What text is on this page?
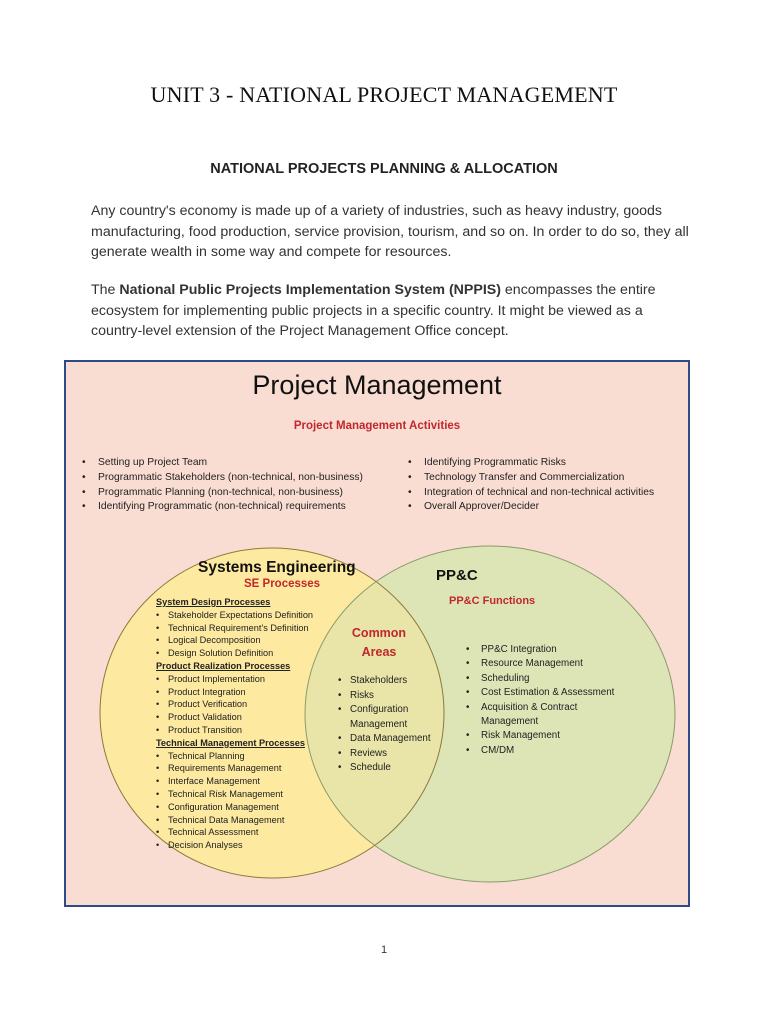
UNIT 3 - NATIONAL PROJECT MANAGEMENT
NATIONAL PROJECTS PLANNING & ALLOCATION

Any country's economy is made up of a variety of industries, such as heavy industry, goods manufacturing, food production, service provision, tourism, and so on. In order to do so, they all generate wealth in some way and compete for resources.

The National Public Projects Implementation System (NPPIS) encompasses the entire ecosystem for implementing public projects in a specific country. It might be viewed as a country-level extension of the Project Management Office concept.

Project Management
Project Management Activities
• Setting up Project Team
• Programmatic Stakeholders (non-technical, non-business)
• Programmatic Planning (non-technical, non-business)
• Identifying Programmatic (non-technical) requirements
• Identifying Programmatic Risks
• Technology Transfer and Commercialization
• Integration of technical and non-technical activities
• Overall Approver/Decider
Systems Engineering
SE Processes
System Design Processes
• Stakeholder Expectations Definition
• Technical Requirement's Definition
• Logical Decomposition
• Design Solution Definition
Product Realization Processes
• Product Implementation
• Product Integration
• Product Verification
• Product Validation
• Product Transition
Technical Management Processes
• Technical Planning
• Requirements Management
• Interface Management
• Technical Risk Management
• Configuration Management
• Technical Data Management
• Technical Assessment
• Decision Analyses
Common
Areas
• Stakeholders
• Risks
• Configuration
Management
• Data Management
• Reviews
• Schedule
PP&C
PP&C Functions
• PP&C Integration
• Resource Management
• Scheduling
• Cost Estimation & Assessment
• Acquisition & Contract
Management
• Risk Management
• CM/DM
1
